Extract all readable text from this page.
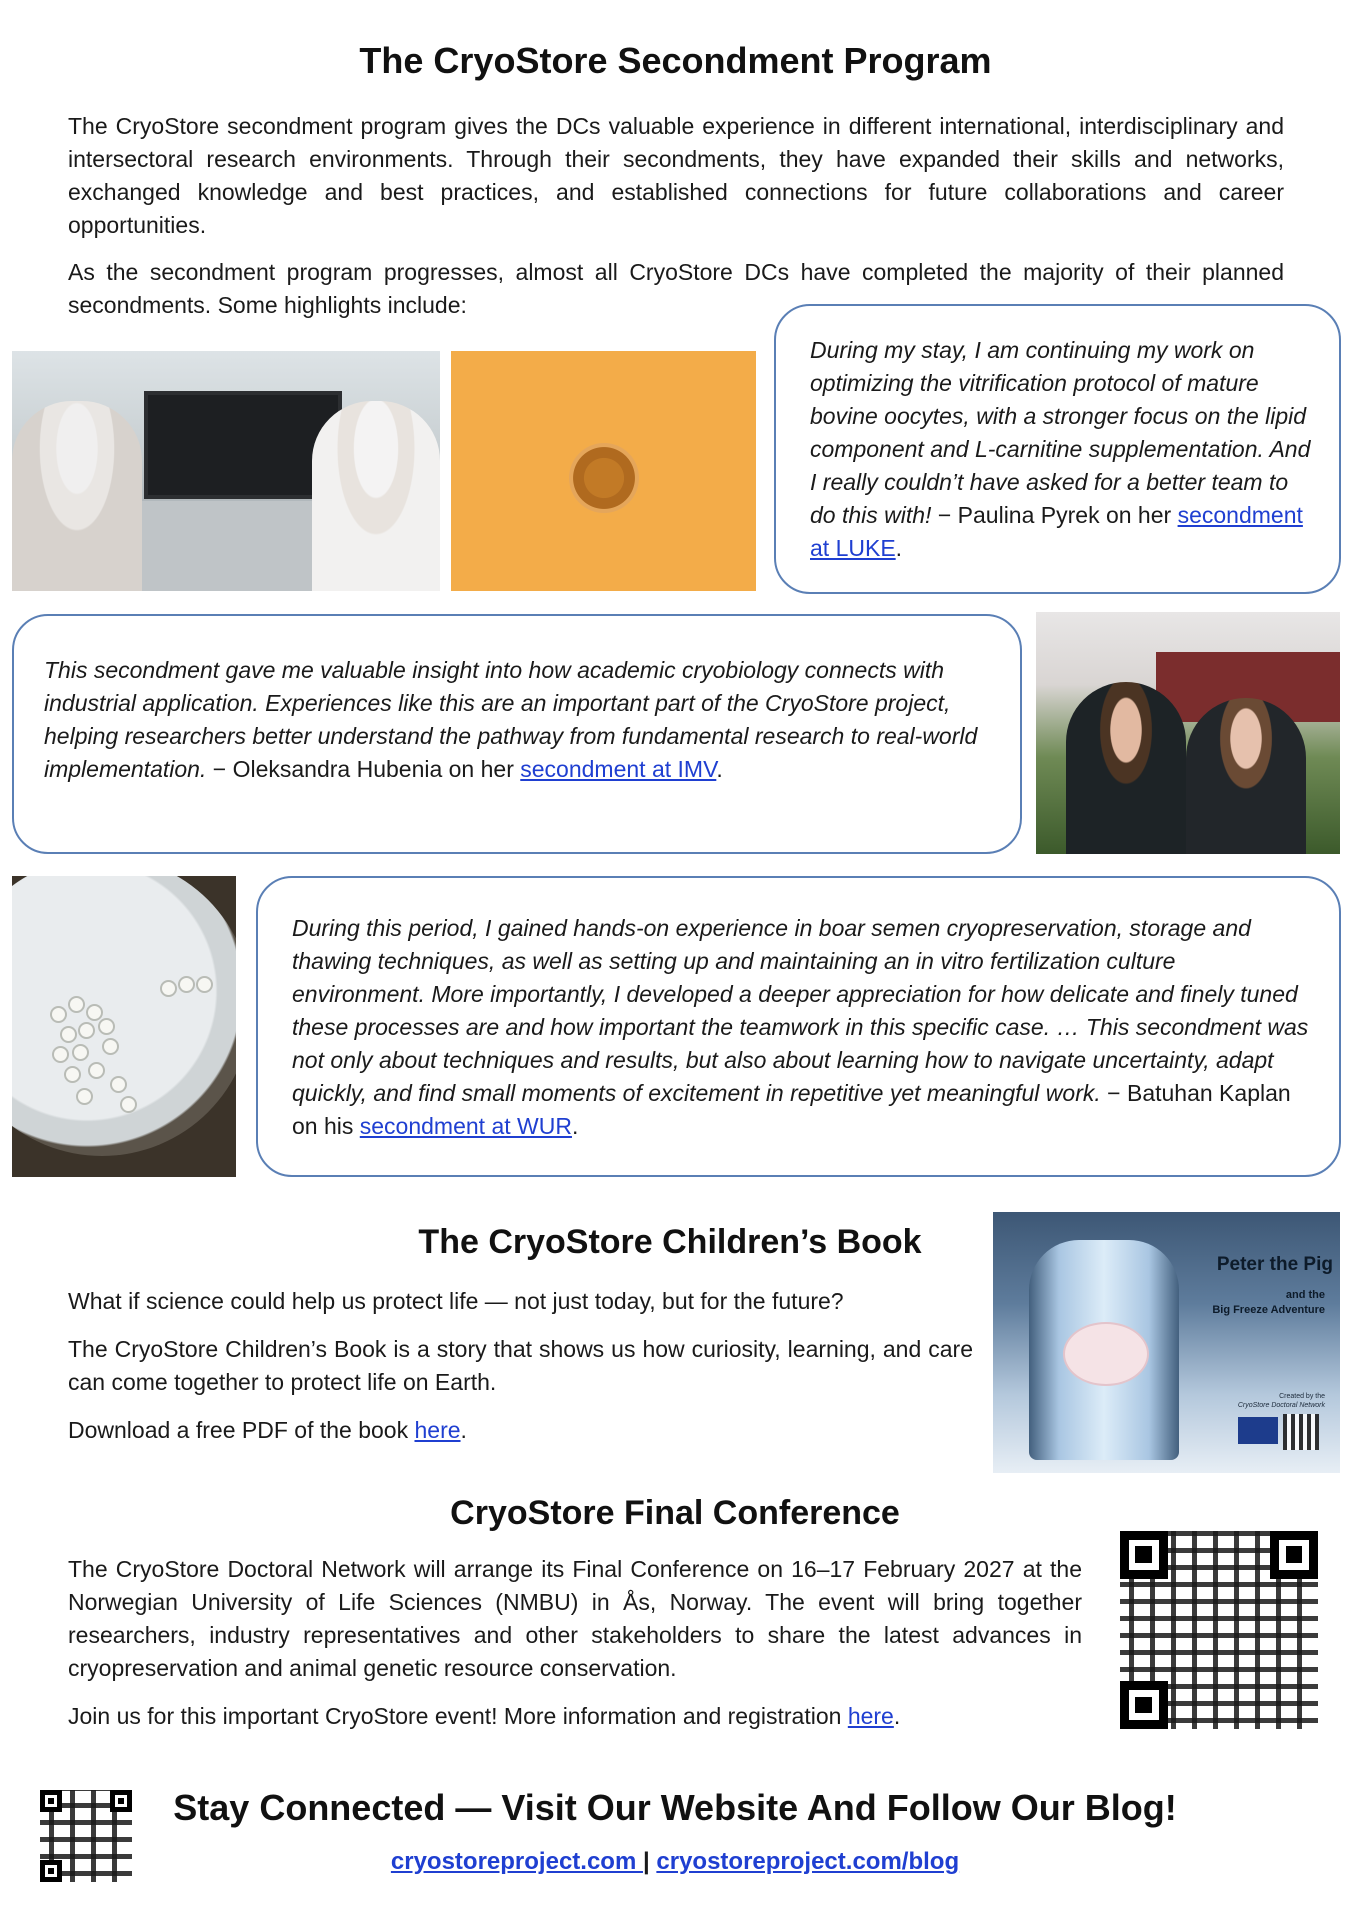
The CryoStore Secondment Program

The CryoStore secondment program gives the DCs valuable experience in different international, interdisciplinary and intersectoral research environments. Through their secondments, they have expanded their skills and networks, exchanged knowledge and best practices, and established connections for future collaborations and career opportunities.

As the secondment program progresses, almost all CryoStore DCs have completed the majority of their planned secondments. Some highlights include:

During my stay, I am continuing my work on optimizing the vitrification protocol of mature bovine oocytes, with a stronger focus on the lipid component and L-carnitine supplementation. And I really couldn’t have asked for a better team to do this with! − Paulina Pyrek on her secondment at LUKE.
This secondment gave me valuable insight into how academic cryobiology connects with industrial application. Experiences like this are an important part of the CryoStore project, helping researchers better understand the pathway from fundamental research to real-world implementation. − Oleksandra Hubenia on her secondment at IMV.
During this period, I gained hands-on experience in boar semen cryopreservation, storage and thawing techniques, as well as setting up and maintaining an in vitro fertilization culture environment. More importantly, I developed a deeper appreciation for how delicate and finely tuned these processes are and how important the teamwork in this specific case. … This secondment was not only about techniques and results, but also about learning how to navigate uncertainty, adapt quickly, and find small moments of excitement in repetitive yet meaningful work. − Batuhan Kaplan on his secondment at WUR.
The CryoStore Children’s Book

What if science could help us protect life — not just today, but for the future?

The CryoStore Children’s Book is a story that shows us how curiosity, learning, and care can come together to protect life on Earth.

Download a free PDF of the book here.

Peter the Pig
and the
Big Freeze Adventure
Created by the
CryoStore Doctoral Network
CryoStore Final Conference

The CryoStore Doctoral Network will arrange its Final Conference on 16–17 February 2027 at the Norwegian University of Life Sciences (NMBU) in Ås, Norway. The event will bring together researchers, industry representatives and other stakeholders to share the latest advances in cryopreservation and animal genetic resource conservation.

Join us for this important CryoStore event! More information and registration here.

Stay Connected — Visit Our Website And Follow Our Blog!
cryostoreproject.com | cryostoreproject.com/blog
